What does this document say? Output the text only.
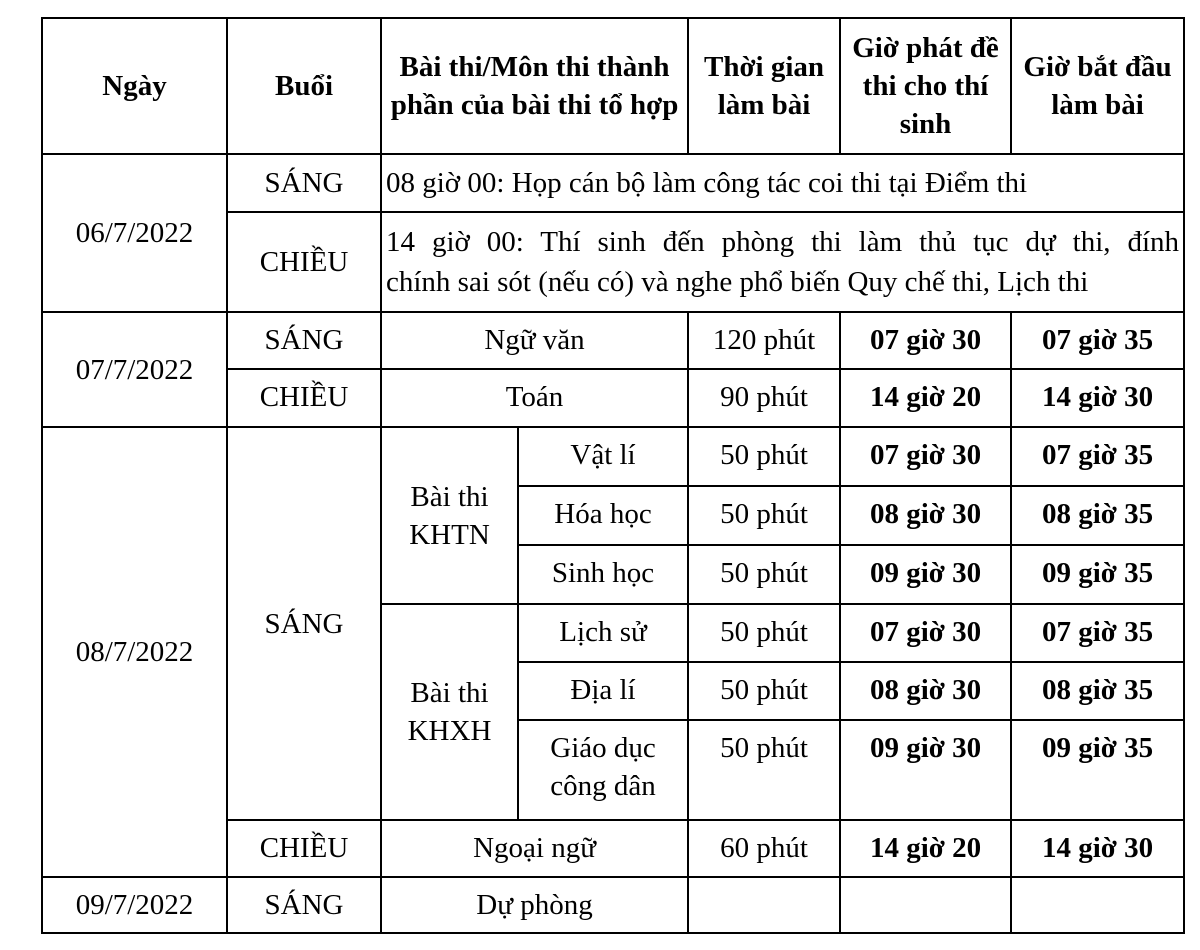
Ngày	Buổi	Bài thi/Môn thi thành phần của bài thi tổ hợp		Thời gian làm bài	Giờ phát đề thi cho thí sinh	Giờ bắt đầu làm bài
06/7/2022	SÁNG	08 giờ 00: Họp cán bộ làm công tác coi thi tại Điểm thi				
	CHIỀU	14 giờ 00: Thí sinh đến phòng thi làm thủ tục dự thi, đính
chính sai sót (nếu có) và nghe phổ biến Quy chế thi, Lịch thi				

07/7/2022	SÁNG	Ngữ văn		120 phút	07 giờ 30	07 giờ 35
	CHIỀU	Toán		90 phút	14 giờ 20	14 giờ 30
08/7/2022	SÁNG	Bài thi KHTN	Vật lí	50 phút	07 giờ 30	07 giờ 35
			Hóa học	50 phút	08 giờ 30	08 giờ 35
			Sinh học	50 phút	09 giờ 30	09 giờ 35
		Bài thi KHXH	Lịch sử	50 phút	07 giờ 30	07 giờ 35
			Địa lí	50 phút	08 giờ 30	08 giờ 35
			Giáo dục công dân	50 phút	09 giờ 30	09 giờ 35
	CHIỀU	Ngoại ngữ		60 phút	14 giờ 20	14 giờ 30
09/7/2022	SÁNG	Dự phòng				
